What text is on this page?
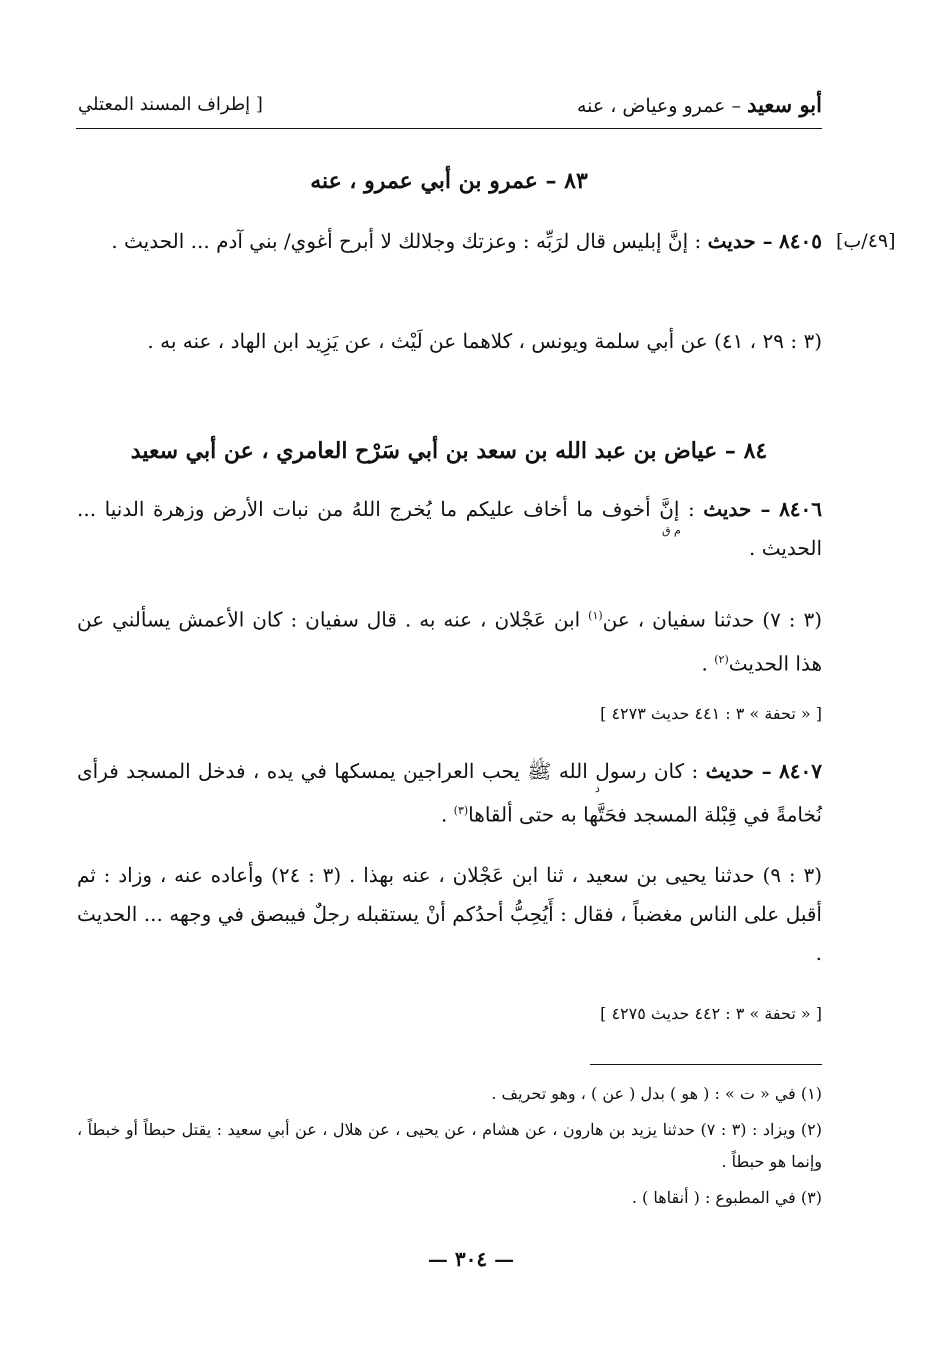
أبو سعيد – عمرو وعياض ، عنه
[ إطراف المسند المعتلي
٨٣ – عمرو بن أبي عمرو ، عنه
[٤٩/ب]
٨٤٠٥ – حديث : إنَّ إبليس قال لرَبِّه : وعزتك وجلالك لا أبرح أغوي/ بني آدم ... الحديث .
(٣ : ٢٩ ، ٤١) عن أبي سلمة ويونس ، كلاهما عن لَيْث ، عن يَزِيد ابن الهاد ، عنه به .
٨٤ – عياض بن عبد الله بن سعد بن أبي سَرْح العامري ، عن أبي سعيد
٨٤٠٦ – حديث : إنَّ أخوف ما أخاف عليكم ما يُخرج اللهُ من نبات الأرض وزهرة الدنيا ... الحديث .
م ق
(٣ : ٧) حدثنا سفيان ، عن$^{(١)}$ ابن عَجْلان ، عنه به . قال سفيان : كان الأعمش يسألني عن هذا الحديث$^{(٢)}$ .
[ « تحفة » ٣ : ٤٤١ حديث ٤٢٧٣ ]
٨٤٠٧ – حديث : كان رسول الله ﷺ يحب العراجين يمسكها في يده ، فدخل المسجد فرأى نُخامةً في قِبْلة المسجد فحَتَّها به حتى ألقاها$^{(٣)}$ .
د
(٣ : ٩) حدثنا يحيى بن سعيد ، ثنا ابن عَجْلان ، عنه بهذا . (٣ : ٢٤) وأعاده عنه ، وزاد : ثم أقبل على الناس مغضباً ، فقال : أَيُحِبُّ أحدُكم أنْ يستقبله رجلٌ فيبصق في وجهه ... الحديث .
[ « تحفة » ٣ : ٤٤٢ حديث ٤٢٧٥ ]
(١) في « ت » : ( هو ) بدل ( عن ) ، وهو تحريف .
(٢) ويزاد : (٣ : ٧) حدثنا يزيد بن هارون ، عن هشام ، عن يحيى ، عن هلال ، عن أبي سعيد : يقتل حبطاً أو خبطاً ، وإنما هو حبطاً .
(٣) في المطبوع : ( أنقاها ) .
— ٣٠٤ —
